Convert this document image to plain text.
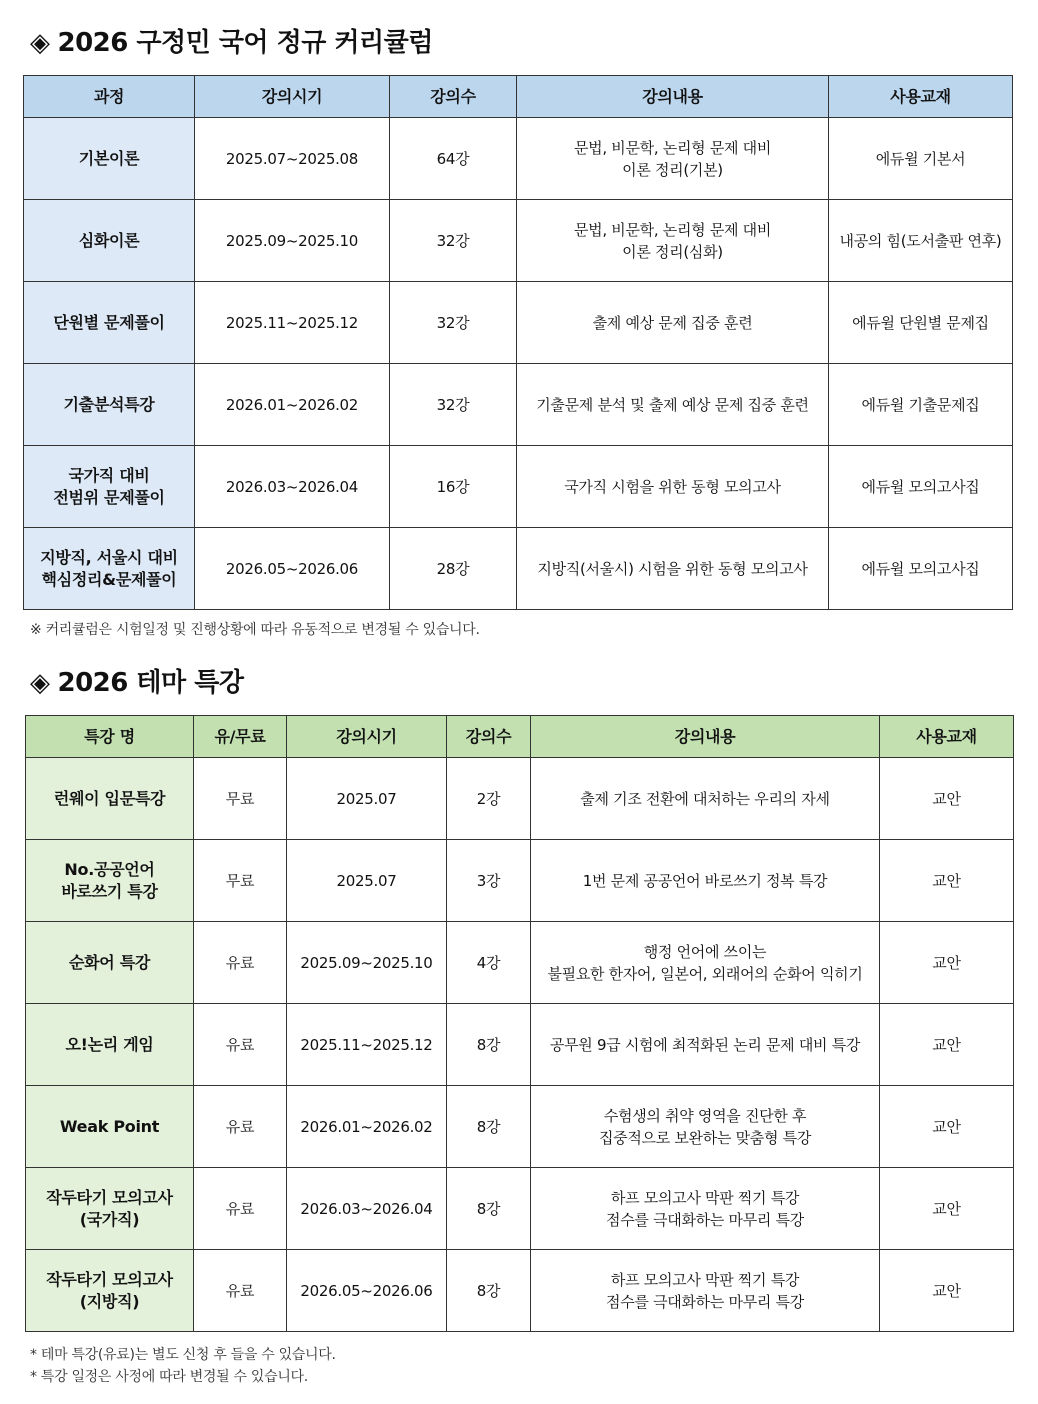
◈ 2026 구정민 국어 정규 커리큘럼
과정	강의시기	강의수	강의내용	사용교재
기본이론	2025.07~2025.08	64강	문법, 비문학, 논리형 문제 대비
이론 정리(기본)	에듀윌 기본서
심화이론	2025.09~2025.10	32강	문법, 비문학, 논리형 문제 대비
이론 정리(심화)	내공의 힘(도서출판 연후)
단원별 문제풀이	2025.11~2025.12	32강	출제 예상 문제 집중 훈련	에듀윌 단원별 문제집
기출분석특강	2026.01~2026.02	32강	기출문제 분석 및 출제 예상 문제 집중 훈련	에듀윌 기출문제집
국가직 대비
전범위 문제풀이	2026.03~2026.04	16강	국가직 시험을 위한 동형 모의고사	에듀윌 모의고사집
지방직, 서울시 대비
핵심정리&문제풀이	2026.05~2026.06	28강	지방직(서울시) 시험을 위한 동형 모의고사	에듀윌 모의고사집

※ 커리큘럼은 시험일정 및 진행상황에 따라 유동적으로 변경될 수 있습니다.

◈ 2026 테마 특강
특강 명	유/무료	강의시기	강의수	강의내용	사용교재
런웨이 입문특강	무료	2025.07	2강	출제 기조 전환에 대처하는 우리의 자세	교안
No.공공언어
바로쓰기 특강	무료	2025.07	3강	1번 문제 공공언어 바로쓰기 정복 특강	교안
순화어 특강	유료	2025.09~2025.10	4강	행정 언어에 쓰이는
불필요한 한자어, 일본어, 외래어의 순화어 익히기	교안
오!논리 게임	유료	2025.11~2025.12	8강	공무원 9급 시험에 최적화된 논리 문제 대비 특강	교안
Weak Point	유료	2026.01~2026.02	8강	수험생의 취약 영역을 진단한 후
집중적으로 보완하는 맞춤형 특강	교안
작두타기 모의고사
(국가직)	유료	2026.03~2026.04	8강	하프 모의고사 막판 찍기 특강
점수를 극대화하는 마무리 특강	교안
작두타기 모의고사
(지방직)	유료	2026.05~2026.06	8강	하프 모의고사 막판 찍기 특강
점수를 극대화하는 마무리 특강	교안

* 테마 특강(유료)는 별도 신청 후 들을 수 있습니다.

* 특강 일정은 사정에 따라 변경될 수 있습니다.
